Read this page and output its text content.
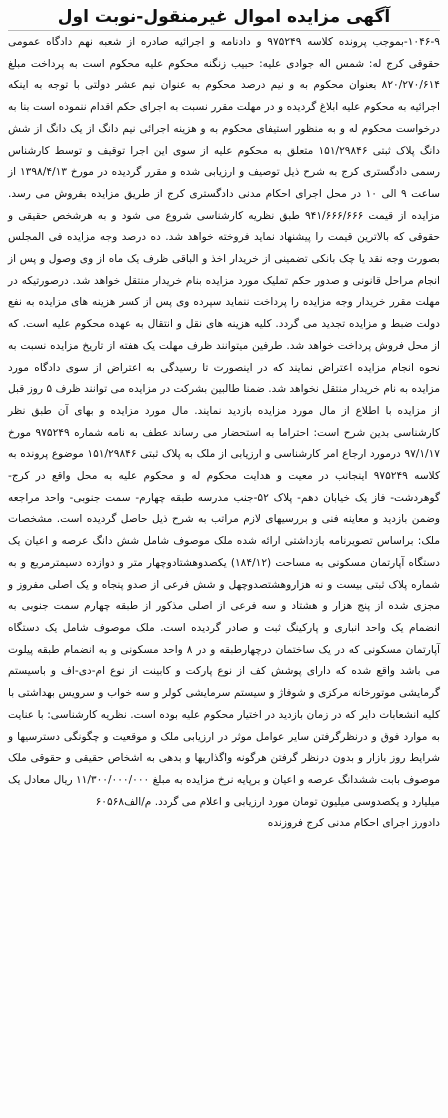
آگهی مزایده اموال غیرمنقول-نوبت اول

۱۰۴۶-۹-بموجب پرونده کلاسه ۹۷۵۲۴۹ و دادنامه و اجرائیه صادره از شعبه نهم دادگاه عمومی حقوقی کرج له: شمس اله جوادی علیه: حبیب زنگنه محکوم علیه محکوم است به پرداخت مبلغ ۸۲۰/۲۷۰/۶۱۴ بعنوان محکوم به و نیم درصد محکوم به عنوان نیم عشر دولتی با توجه به اینکه اجرائیه به محکوم علیه ابلاغ گردیده و در مهلت مقرر نسبت به اجرای حکم اقدام ننموده است بنا به درخواست محکوم له و به منظور استیفای محکوم به و هزینه اجرائی نیم دانگ از یک دانگ از شش دانگ پلاک ثبتی ۱۵۱/۲۹۸۴۶ متعلق به محکوم علیه از سوی این اجرا توقیف و توسط کارشناس رسمی دادگستری کرج به شرح ذیل توصیف و ارزیابی شده و مقرر گردیده در مورخ ۱۳۹۸/۴/۱۳ از ساعت ۹ الی ۱۰ در محل اجرای احکام مدنی دادگستری کرج از طریق مزایده بفروش می رسد. مزایده از قیمت ۹۴۱/۶۶۶/۶۶۶ طبق نظریه کارشناسی شروع می شود و به هرشخص حقیقی و حقوقی که بالاترین قیمت را پیشنهاد نماید فروخته خواهد شد. ده درصد وجه مزایده فی المجلس بصورت وجه نقد یا چک بانکی تضمینی از خریدار اخذ و الباقی ظرف یک ماه از وی وصول و پس از انجام مراحل قانونی و صدور حکم تملیک مورد مزایده بنام خریدار منتقل خواهد شد. درصورتیکه در مهلت مقرر خریدار وجه مزایده را پرداخت ننماید سپرده وی پس از کسر هزینه های مزایده به نفع دولت ضبط و مزایده تجدید می گردد. کلیه هزینه های نقل و انتقال به عهده محکوم علیه است. که از محل فروش پرداخت خواهد شد. طرفین میتوانند ظرف مهلت یک هفته از تاریخ مزایده نسبت به نحوه انجام مزایده اعتراض نمایند که در اینصورت تا رسیدگی به اعتراض از سوی دادگاه مورد مزایده به نام خریدار منتقل نخواهد شد. ضمنا طالبین بشرکت در مزایده می توانند ظرف ۵ روز قبل از مزایده با اطلاع از مال مورد مزایده بازدید نمایند. مال مورد مزایده و بهای آن طبق نظر کارشناسی بدین شرح است: احتراما به استحضار می رساند عطف به نامه شماره ۹۷۵۲۴۹ مورخ ۹۷/۱/۱۷ درمورد ارجاع امر کارشناسی و ارزیابی از ملک به پلاک ثبتی ۱۵۱/۲۹۸۴۶ موضوع پرونده به کلاسه ۹۷۵۲۴۹ اینجانب در معیت و هدایت محکوم له و محکوم علیه به محل واقع در کرج- گوهردشت- فاز یک خیابان دهم- پلاک ۵۲-جنب مدرسه طبقه چهارم- سمت جنوبی- واحد مراجعه وضمن بازدید و معاینه فنی و بررسیهای لازم مراتب به شرح ذیل حاصل گردیده است. مشخصات ملک: براساس تصویرنامه بازداشتی ارائه شده ملک موصوف شامل شش دانگ عرصه و اعیان یک دستگاه آپارتمان مسکونی به مساحت (۱۸۴/۱۲) یکصدوهشتادوچهار متر و دوازده دسیمترمربع و به شماره پلاک ثبتی بیست و نه هزاروهشتصدوچهل و شش فرعی از صدو پنجاه و یک اصلی مفروز و مجزی شده از پنج هزار و هشتاد و سه فرعی از اصلی مذکور از طبقه چهارم سمت جنوبی به انضمام یک واحد انباری و پارکینگ ثبت و صادر گردیده است. ملک موصوف شامل یک دستگاه آپارتمان مسکونی که در یک ساختمان درچهارطبقه و در ۸ واحد مسکونی و به انضمام طبقه پیلوت می باشد واقع شده که دارای پوشش کف از نوع پارکت و کابینت از نوع ام-دی-اف و باسیستم گرمایشی موتورخانه مرکزی و شوفاژ و سیستم سرمایشی کولر و سه خواب و سرویس بهداشتی با کلیه انشعابات دایر که در زمان بازدید در اختیار محکوم علیه بوده است. نظریه کارشناسی: با عنایت به موارد فوق و درنظرگرفتن سایر عوامل موثر در ارزیابی ملک و موقعیت و چگونگی دسترسیها و شرایط روز بازار و بدون درنظر گرفتن هرگونه واگذاریها و بدهی به اشخاص حقیقی و حقوقی ملک موصوف بابت ششدانگ عرصه و اعیان و برپایه نرخ مزایده به مبلغ ۱۱/۳۰۰/۰۰۰/۰۰۰ ریال معادل یک میلیارد و یکصدوسی میلیون تومان مورد ارزیابی و اعلام می گردد. م/الف۶۰۵۶۸

دادورز اجرای احکام مدنی کرج فروزنده
